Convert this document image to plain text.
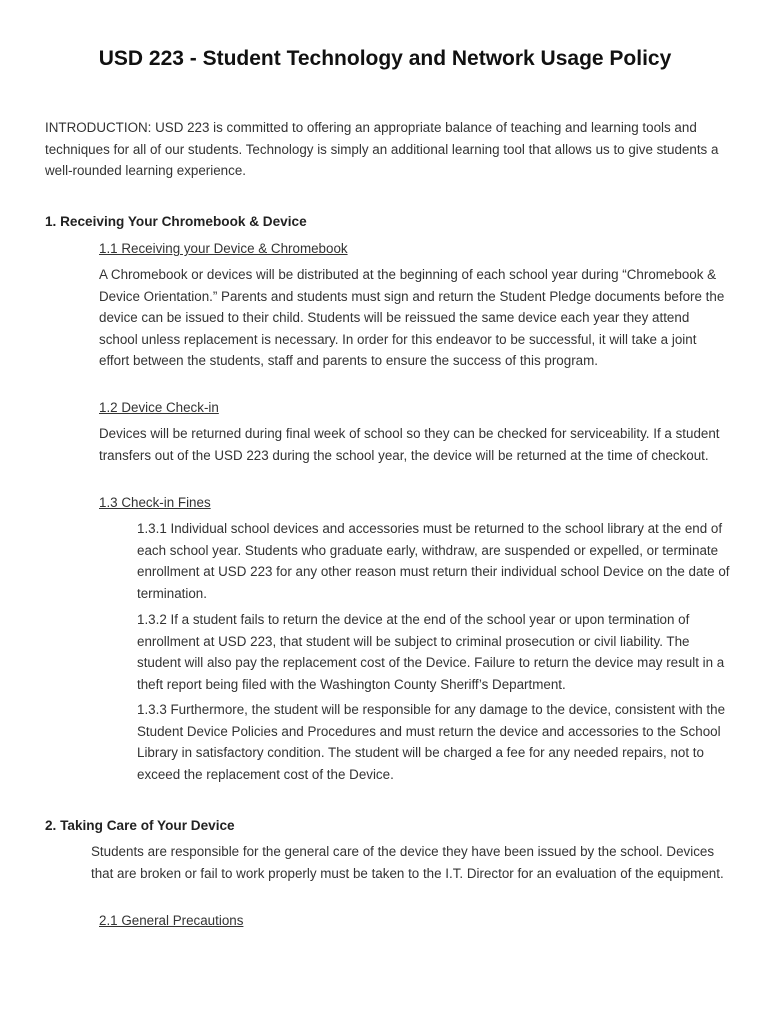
USD 223 - Student Technology and Network Usage Policy

INTRODUCTION: USD 223 is committed to offering an appropriate balance of teaching and learning tools and techniques for all of our students. Technology is simply an additional learning tool that allows us to give students a well-rounded learning experience.

1. Receiving Your Chromebook & Device

1.1 Receiving your Device & Chromebook

A Chromebook or devices will be distributed at the beginning of each school year during “Chromebook & Device Orientation.” Parents and students must sign and return the Student Pledge documents before the device can be issued to their child. Students will be reissued the same device each year they attend school unless replacement is necessary. In order for this endeavor to be successful, it will take a joint effort between the students, staff and parents to ensure the success of this program.

1.2 Device Check-in

Devices will be returned during final week of school so they can be checked for serviceability. If a student transfers out of the USD 223 during the school year, the device will be returned at the time of checkout.

1.3 Check-in Fines

1.3.1 Individual school devices and accessories must be returned to the school library at the end of each school year. Students who graduate early, withdraw, are suspended or expelled, or terminate enrollment at USD 223 for any other reason must return their individual school Device on the date of termination.

1.3.2 If a student fails to return the device at the end of the school year or upon termination of enrollment at USD 223, that student will be subject to criminal prosecution or civil liability. The student will also pay the replacement cost of the Device. Failure to return the device may result in a theft report being filed with the Washington County Sheriff’s Department.

1.3.3 Furthermore, the student will be responsible for any damage to the device, consistent with the Student Device Policies and Procedures and must return the device and accessories to the School Library in satisfactory condition. The student will be charged a fee for any needed repairs, not to exceed the replacement cost of the Device.

2. Taking Care of Your Device

Students are responsible for the general care of the device they have been issued by the school. Devices that are broken or fail to work properly must be taken to the I.T. Director for an evaluation of the equipment.

2.1 General Precautions
